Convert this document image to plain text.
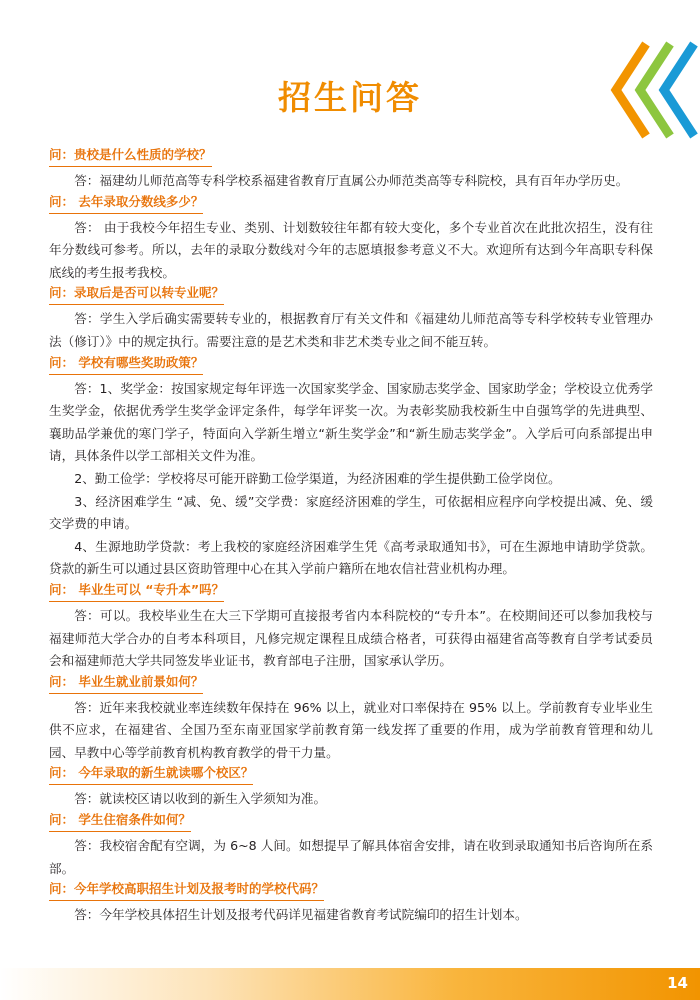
招生问答
问：贵校是什么性质的学校？

答：福建幼儿师范高等专科学校系福建省教育厅直属公办师范类高等专科院校，具有百年办学历史。

问： 去年录取分数线多少？

答： 由于我校今年招生专业、类别、计划数较往年都有较大变化，多个专业首次在此批次招生，没有往年分数线可参考。所以，去年的录取分数线对今年的志愿填报参考意义不大。欢迎所有达到今年高职专科保底线的考生报考我校。

问：录取后是否可以转专业呢？

答：学生入学后确实需要转专业的，根据教育厅有关文件和《福建幼儿师范高等专科学校转专业管理办法（修订）》中的规定执行。需要注意的是艺术类和非艺术类专业之间不能互转。

问： 学校有哪些奖助政策？

答：1、奖学金：按国家规定每年评选一次国家奖学金、国家励志奖学金、国家助学金；学校设立优秀学生奖学金，依据优秀学生奖学金评定条件，每学年评奖一次。为表彰奖励我校新生中自强笃学的先进典型、襄助品学兼优的寒门学子，特面向入学新生增立“新生奖学金”和“新生励志奖学金”。入学后可向系部提出申请，具体条件以学工部相关文件为准。

2、勤工俭学：学校将尽可能开辟勤工俭学渠道，为经济困难的学生提供勤工俭学岗位。

3、经济困难学生 “减、免、缓”交学费：家庭经济困难的学生，可依据相应程序向学校提出减、免、缓交学费的申请。

4、生源地助学贷款：考上我校的家庭经济困难学生凭《高考录取通知书》，可在生源地申请助学贷款。贷款的新生可以通过县区资助管理中心在其入学前户籍所在地农信社营业机构办理。

问： 毕业生可以 “专升本”吗？

答：可以。我校毕业生在大三下学期可直接报考省内本科院校的“专升本”。在校期间还可以参加我校与福建师范大学合办的自考本科项目，凡修完规定课程且成绩合格者，可获得由福建省高等教育自学考试委员会和福建师范大学共同签发毕业证书，教育部电子注册，国家承认学历。

问： 毕业生就业前景如何？

答：近年来我校就业率连续数年保持在 96% 以上，就业对口率保持在 95% 以上。学前教育专业毕业生供不应求，在福建省、全国乃至东南亚国家学前教育第一线发挥了重要的作用，成为学前教育管理和幼儿园、早教中心等学前教育机构教育教学的骨干力量。

问： 今年录取的新生就读哪个校区？

答：就读校区请以收到的新生入学须知为准。

问： 学生住宿条件如何？

答：我校宿舍配有空调，为 6~8 人间。如想提早了解具体宿舍安排，请在收到录取通知书后咨询所在系部。

问：今年学校高职招生计划及报考时的学校代码？

答：今年学校具体招生计划及报考代码详见福建省教育考试院编印的招生计划本。

14
